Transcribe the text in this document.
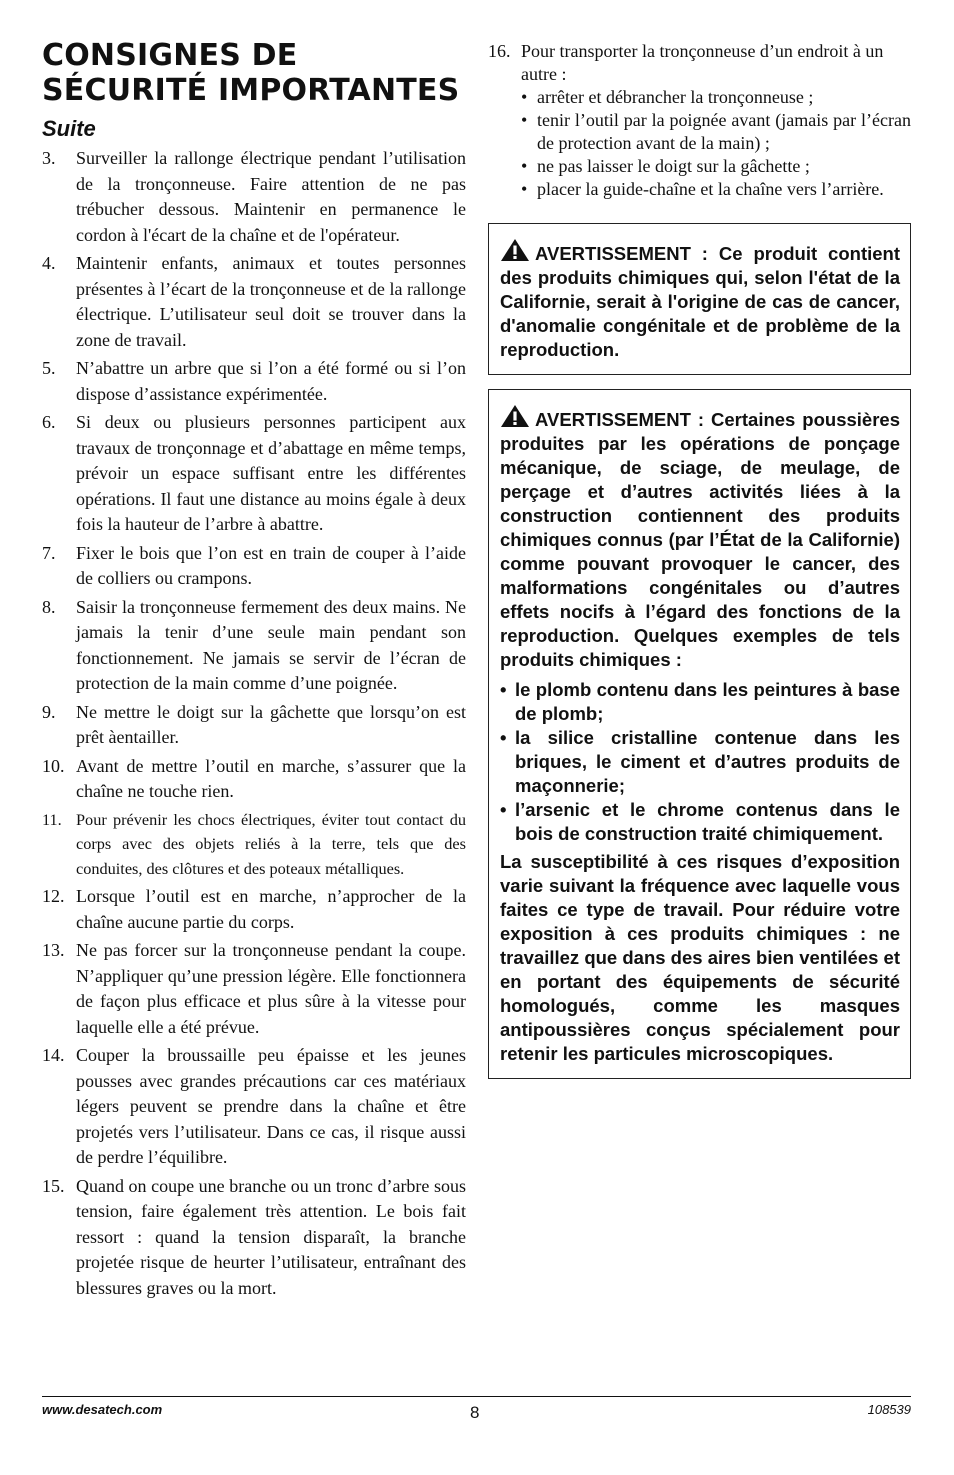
CONSIGNES DE SÉCURITÉ IMPORTANTES
Suite
3. Surveiller la rallonge électrique pendant l’utilisation de la tronçonneuse. Faire attention de ne pas trébucher dessous. Maintenir en permanence le cordon à l'écart de la chaîne et de l'opérateur.
4. Maintenir enfants, animaux et toutes personnes présentes à l’écart de la tronçonneuse et de la rallonge électrique. L’utilisateur seul doit se trouver dans la zone de travail.
5. N’abattre un arbre que si l’on a été formé ou si l’on dispose d’assistance expérimentée.
6. Si deux ou plusieurs personnes participent aux travaux de tronçonnage et d’abattage en même temps, prévoir un espace suffisant entre les différentes opérations. Il faut une distance au moins égale à deux fois la hauteur de l’arbre à abattre.
7. Fixer le bois que l’on est en train de couper à l’aide de colliers ou crampons.
8. Saisir la tronçonneuse fermement des deux mains. Ne jamais la tenir d’une seule main pendant son fonctionnement. Ne jamais se servir de l’écran de protection de la main comme d’une poignée.
9. Ne mettre le doigt sur la gâchette que lorsqu’on est prêt àentailler.
10. Avant de mettre l’outil en marche, s’assurer que la chaîne ne touche rien.
11. Pour prévenir les chocs électriques, éviter tout contact du corps avec des objets reliés à la terre, tels que des conduites, des clôtures et des poteaux métalliques.
12. Lorsque l’outil est en marche, n’approcher de la chaîne aucune partie du corps.
13. Ne pas forcer sur la tronçonneuse pendant la coupe. N’appliquer qu’une pression légère. Elle fonctionnera de façon plus efficace et plus sûre à la vitesse pour laquelle elle a été prévue.
14. Couper la broussaille peu épaisse et les jeunes pousses avec grandes précautions car ces matériaux légers peuvent se prendre dans la chaîne et être projetés vers l’utilisateur. Dans ce cas, il risque aussi de perdre l’équilibre.
15. Quand on coupe une branche ou un tronc d’arbre sous tension, faire également très attention. Le bois fait ressort : quand la tension disparaît, la branche projetée risque de heurter l’utilisateur, entraînant des blessures graves ou la mort.
16. Pour transporter la tronçonneuse d’un endroit à un autre :
• arrêter et débrancher la tronçonneuse ;
• tenir l’outil par la poignée avant (jamais par l’écran de protection avant de la main) ;
• ne pas laisser le doigt sur la gâchette ;
• placer la guide-chaîne et la chaîne vers l’arrière.

AVERTISSEMENT : Ce produit contient des produits chimiques qui, selon l'état de la Californie, serait à l'origine de cas de cancer, d'anomalie congénitale et de problème de la reproduction.

AVERTISSEMENT : Certaines poussières produites par les opérations de ponçage mécanique, de sciage, de meulage, de perçage et d’autres activités liées à la construction contiennent des produits chimiques connus (par l’État de la Californie) comme pouvant provoquer le cancer, des malformations congénitales ou d’autres effets nocifs à l’égard des fonctions de la reproduction. Quelques exemples de tels produits chimiques :

• le plomb contenu dans les peintures à base de plomb;
• la silice cristalline contenue dans les briques, le ciment et d’autres produits de maçonnerie;
• l’arsenic et le chrome contenus dans le bois de construction traité chimiquement.

La susceptibilité à ces risques d’exposition varie suivant la fréquence avec laquelle vous faites ce type de travail. Pour réduire votre exposition à ces produits chimiques : ne travaillez que dans des aires bien ventilées et en portant des équipements de sécurité homologués, comme les masques antipoussières conçus spécialement pour retenir les particules microscopiques.

www.desatech.com	8	108539
